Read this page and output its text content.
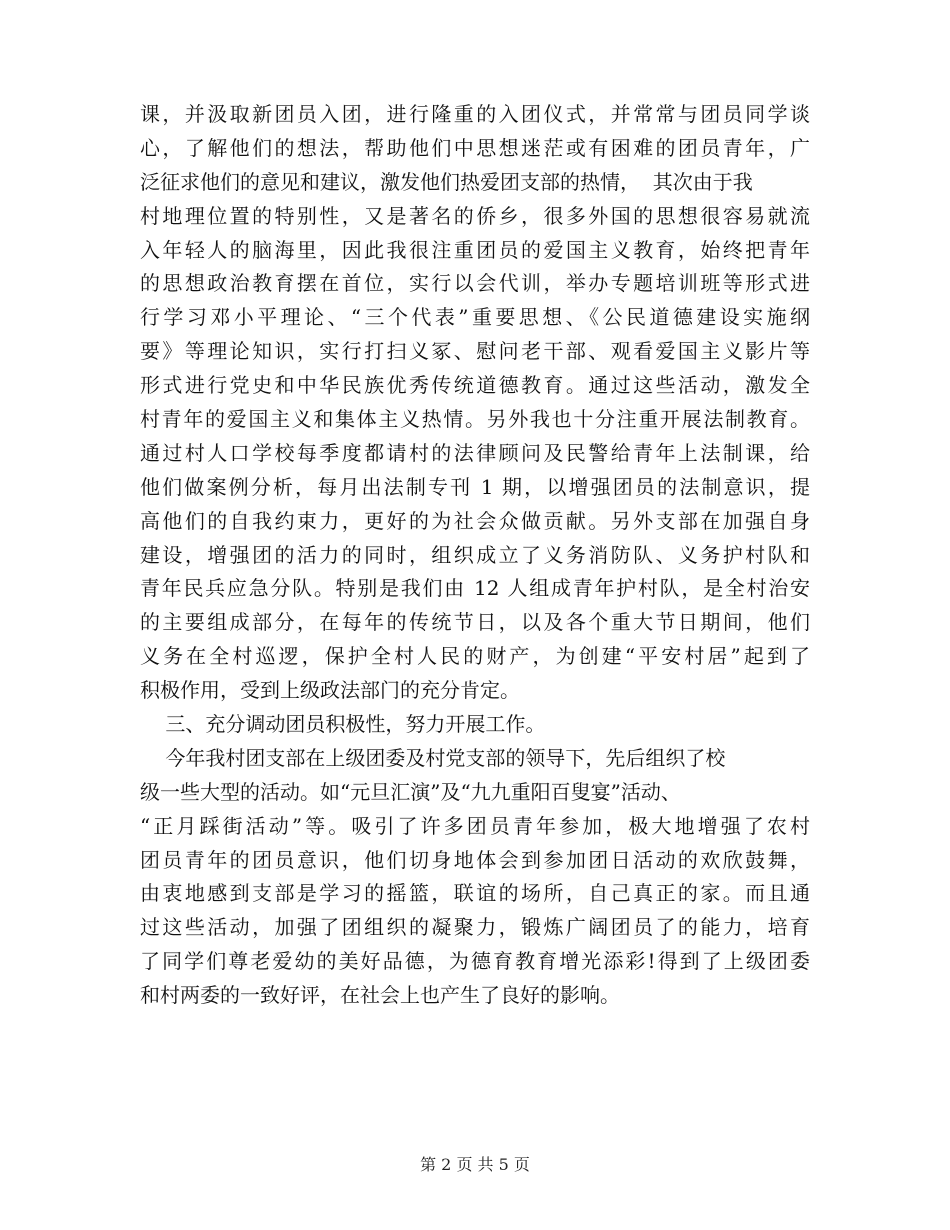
课，并汲取新团员入团，进行隆重的入团仪式，并常常与团员同学谈
心，了解他们的想法，帮助他们中思想迷茫或有困难的团员青年，广
泛征求他们的意见和建议，激发他们热爱团支部的热情，  其次由于我
村地理位置的特别性，又是著名的侨乡，很多外国的思想很容易就流
入年轻人的脑海里，因此我很注重团员的爱国主义教育，始终把青年
的思想政治教育摆在首位，实行以会代训，举办专题培训班等形式进
行学习邓小平理论、“三个代表”重要思想、《公民道德建设实施纲
要》等理论知识，实行打扫义冢、慰问老干部、观看爱国主义影片等
形式进行党史和中华民族优秀传统道德教育。通过这些活动，激发全
村青年的爱国主义和集体主义热情。另外我也十分注重开展法制教育。
通过村人口学校每季度都请村的法律顾问及民警给青年上法制课，给
他们做案例分析，每月出法制专刊 1 期，以增强团员的法制意识，提
高他们的自我约束力，更好的为社会众做贡献。另外支部在加强自身
建设，增强团的活力的同时，组织成立了义务消防队、义务护村队和
青年民兵应急分队。特别是我们由 12 人组成青年护村队，是全村治安
的主要组成部分，在每年的传统节日，以及各个重大节日期间，他们
义务在全村巡逻，保护全村人民的财产，为创建“平安村居”起到了
积极作用，受到上级政法部门的充分肯定。
三、充分调动团员积极性，努力开展工作。
今年我村团支部在上级团委及村党支部的领导下，先后组织了校
级一些大型的活动。如“元旦汇演”及“九九重阳百叟宴”活动、
“正月踩街活动”等。吸引了许多团员青年参加，极大地增强了农村
团员青年的团员意识，他们切身地体会到参加团日活动的欢欣鼓舞，
由衷地感到支部是学习的摇篮，联谊的场所，自己真正的家。而且通
过这些活动，加强了团组织的凝聚力，锻炼广阔团员了的能力，培育
了同学们尊老爱幼的美好品德，为德育教育增光添彩!得到了上级团委
和村两委的一致好评，在社会上也产生了良好的影响。
第 2 页 共 5 页
